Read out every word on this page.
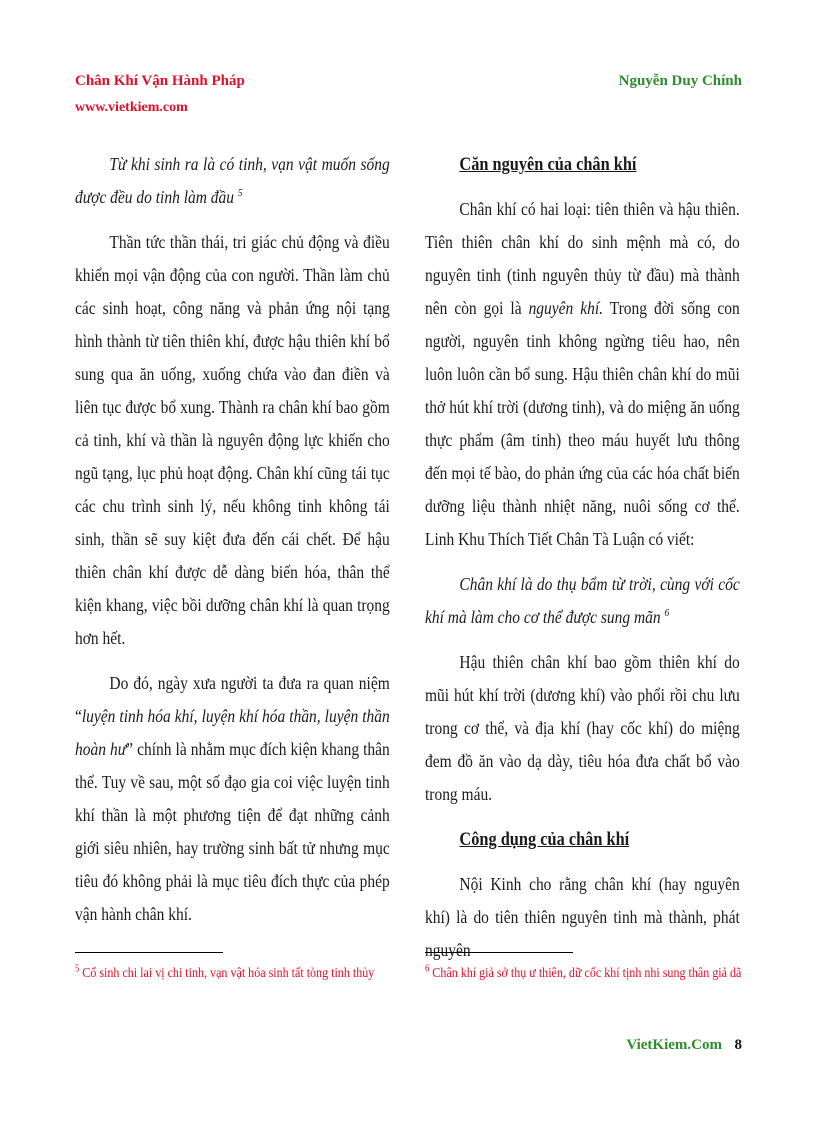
Chân Khí Vận Hành Pháp
www.vietkiem.com
Nguyễn Duy Chính

Từ khi sinh ra là có tinh, vạn vật muốn sống được đều do tinh làm đầu $^5$

Thần tức thần thái, tri giác chủ động và điều khiển mọi vận động của con người. Thần làm chủ các sinh hoạt, công năng và phản ứng nội tạng hình thành từ tiên thiên khí, được hậu thiên khí bổ sung qua ăn uống, xuống chứa vào đan điền và liên tục được bổ xung. Thành ra chân khí bao gồm cả tinh, khí và thần là nguyên động lực khiến cho ngũ tạng, lục phủ hoạt động. Chân khí cũng tái tục các chu trình sinh lý, nếu không tinh không tái sinh, thần sẽ suy kiệt đưa đến cái chết. Để hậu thiên chân khí được dễ dàng biến hóa, thân thể kiện khang, việc bồi dưỡng chân khí là quan trọng hơn hết.

Do đó, ngày xưa người ta đưa ra quan niệm “luyện tinh hóa khí, luyện khí hóa thần, luyện thần hoàn hư” chính là nhằm mục đích kiện khang thân thể. Tuy về sau, một số đạo gia coi việc luyện tinh khí thần là một phương tiện để đạt những cảnh giới siêu nhiên, hay trường sinh bất tử nhưng mục tiêu đó không phải là mục tiêu đích thực của phép vận hành chân khí.

Căn nguyên của chân khí

Chân khí có hai loại: tiên thiên và hậu thiên. Tiên thiên chân khí do sinh mệnh mà có, do nguyên tinh (tinh nguyên thủy từ đầu) mà thành nên còn gọi là nguyên khí. Trong đời sống con người, nguyên tinh không ngừng tiêu hao, nên luôn luôn cần bổ sung. Hậu thiên chân khí do mũi thở hút khí trời (dương tinh), và do miệng ăn uống thực phẩm (âm tinh) theo máu huyết lưu thông đến mọi tế bào, do phản ứng của các hóa chất biến dưỡng liệu thành nhiệt năng, nuôi sống cơ thể. Linh Khu Thích Tiết Chân Tà Luận có viết:

Chân khí là do thụ bẩm từ trời, cùng với cốc khí mà làm cho cơ thể được sung mãn $^6$

Hậu thiên chân khí bao gồm thiên khí do mũi hút khí trời (dương khí) vào phổi rồi chu lưu trong cơ thể, và địa khí (hay cốc khí) do miệng đem đồ ăn vào dạ dày, tiêu hóa đưa chất bổ vào trong máu.

Công dụng của chân khí

Nội Kinh cho rằng chân khí (hay nguyên khí) là do tiên thiên nguyên tinh mà thành, phát nguyên

$^5$ Cố sinh chi lai vị chi tinh, vạn vật hóa sinh tất tòng tinh thủy	$^6$ Chân khí giả sở thụ ư thiên, dữ cốc khí tịnh nhi sung thân giả dã
VietKiem.Com 8
